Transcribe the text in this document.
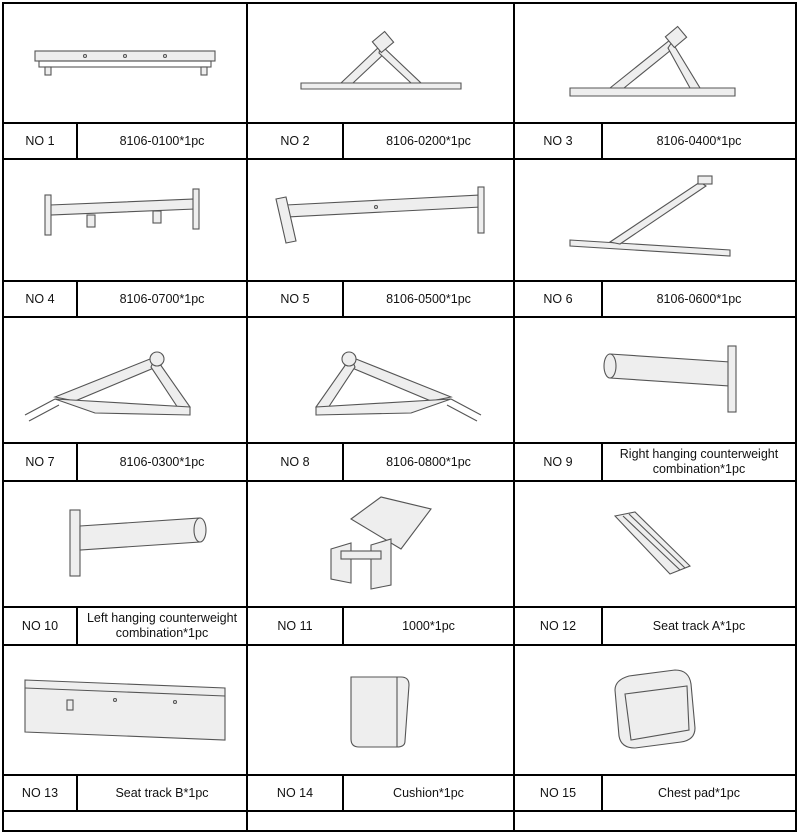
NO 1	8106-0100*1pc	NO 2	8106-0200*1pc	NO 3	8106-0400*1pc

NO 4	8106-0700*1pc	NO 5	8106-0500*1pc	NO 6	8106-0600*1pc

NO 7	8106-0300*1pc	NO 8	8106-0800*1pc	NO 9	Right hanging counterweight combination*1pc

NO 10	Left hanging counterweight combination*1pc	NO 11	1000*1pc	NO 12	Seat track A*1pc

NO 13	Seat track B*1pc	NO 14	Cushion*1pc	NO 15	Chest pad*1pc
